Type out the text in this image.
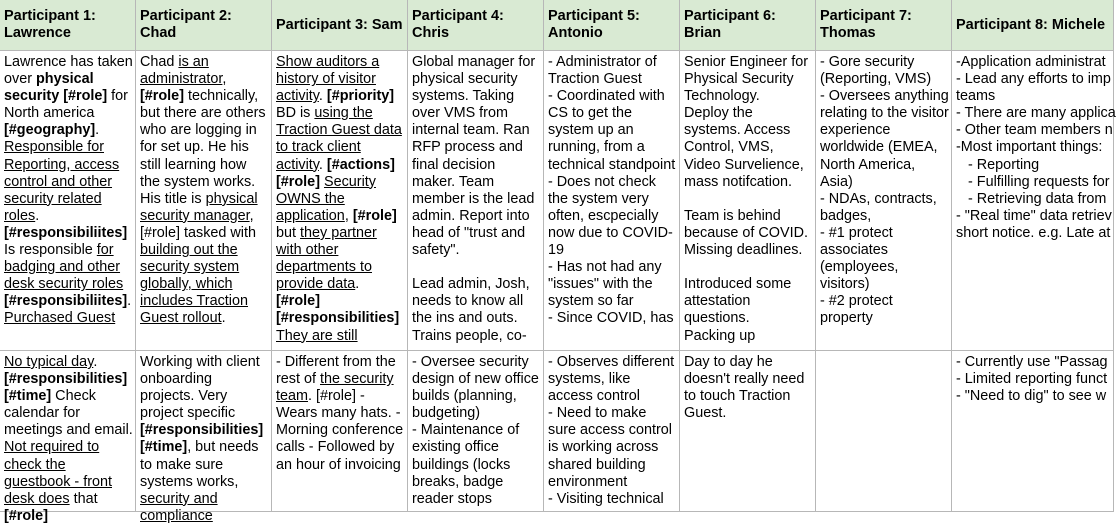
Participant 1: Lawrence
Participant 2: Chad	Participant 3: Sam
Participant 4: Chris
Participant 5: Antonio
Participant 6: Brian
Participant 7: Thomas	Participant 8: Michele
Lawrence has taken over physical security [#role] for North america [#geography]. Responsible for Reporting, access control and other security related roles. [#responsibiliites] Is responsible for badging and other desk security roles [#responsibiliites]. Purchased Guest
Chad is an administrator, [#role] technically, but there are others who are logging in for set up. He his still learning how the system works. His title is physical security manager, [#role] tasked with building out the security system globally, which includes Traction Guest rollout.
Show auditors a history of visitor activity. [#priority] BD is using the Traction Guest data to track client activity. [#actions] [#role] Security OWNS the application, [#role] but they partner with other departments to provide data. [#role] [#responsibilities] They are still
Global manager for physical security systems. Taking over VMS from internal team. Ran RFP process and final decision maker. Team member is the lead admin. Report into head of "trust and safety".

Lead admin, Josh, needs to know all the ins and outs. Trains people, co-
- Administrator of Traction Guest
- Coordinated with CS to get the system up an running, from a technical standpoint
- Does not check the system very often, escpecially now due to COVID-19
- Has not had any "issues" with the system so far
- Since COVID, has
Senior Engineer for Physical Security Technology.
Deploy the systems. Access Control, VMS, Video Survelience, mass notifcation.

Team is behind because of COVID. Missing deadlines.

Introduced some attestation questions.
Packing up
- Gore security (Reporting, VMS)
- Oversees anything relating to the visitor experience worldwide (EMEA, North America, Asia)
- NDAs, contracts, badges,
- #1 protect associates (employees, visitors)
- #2 protect property
-Application administrat
- Lead any efforts to imp
teams
- There are many applica
- Other team members n
-Most important things:
- Reporting
- Fulfilling requests for
- Retrieving data from
- "Real time" data retriev
short notice. e.g. Late at
No typical day. [#responsibilities] [#time] Check calendar for meetings and email. Not required to check the guestbook - front desk does that [#role]
Working with client onboarding projects. Very project specific [#responsibilities] [#time], but needs to make sure systems works, security and compliance
- Different from the rest of the security team. [#role] - Wears many hats. - Morning conference calls - Followed by an hour of invoicing
- Oversee security design of new office builds (planning, budgeting)
- Maintenance of existing office buildings (locks breaks, badge reader stops
- Observes different systems, like access control
- Need to make sure access control is working across shared building environment
- Visiting technical
Day to day he doesn't really need to touch Traction Guest.
- Currently use "Passag
- Limited reporting funct
- "Need to dig" to see w
